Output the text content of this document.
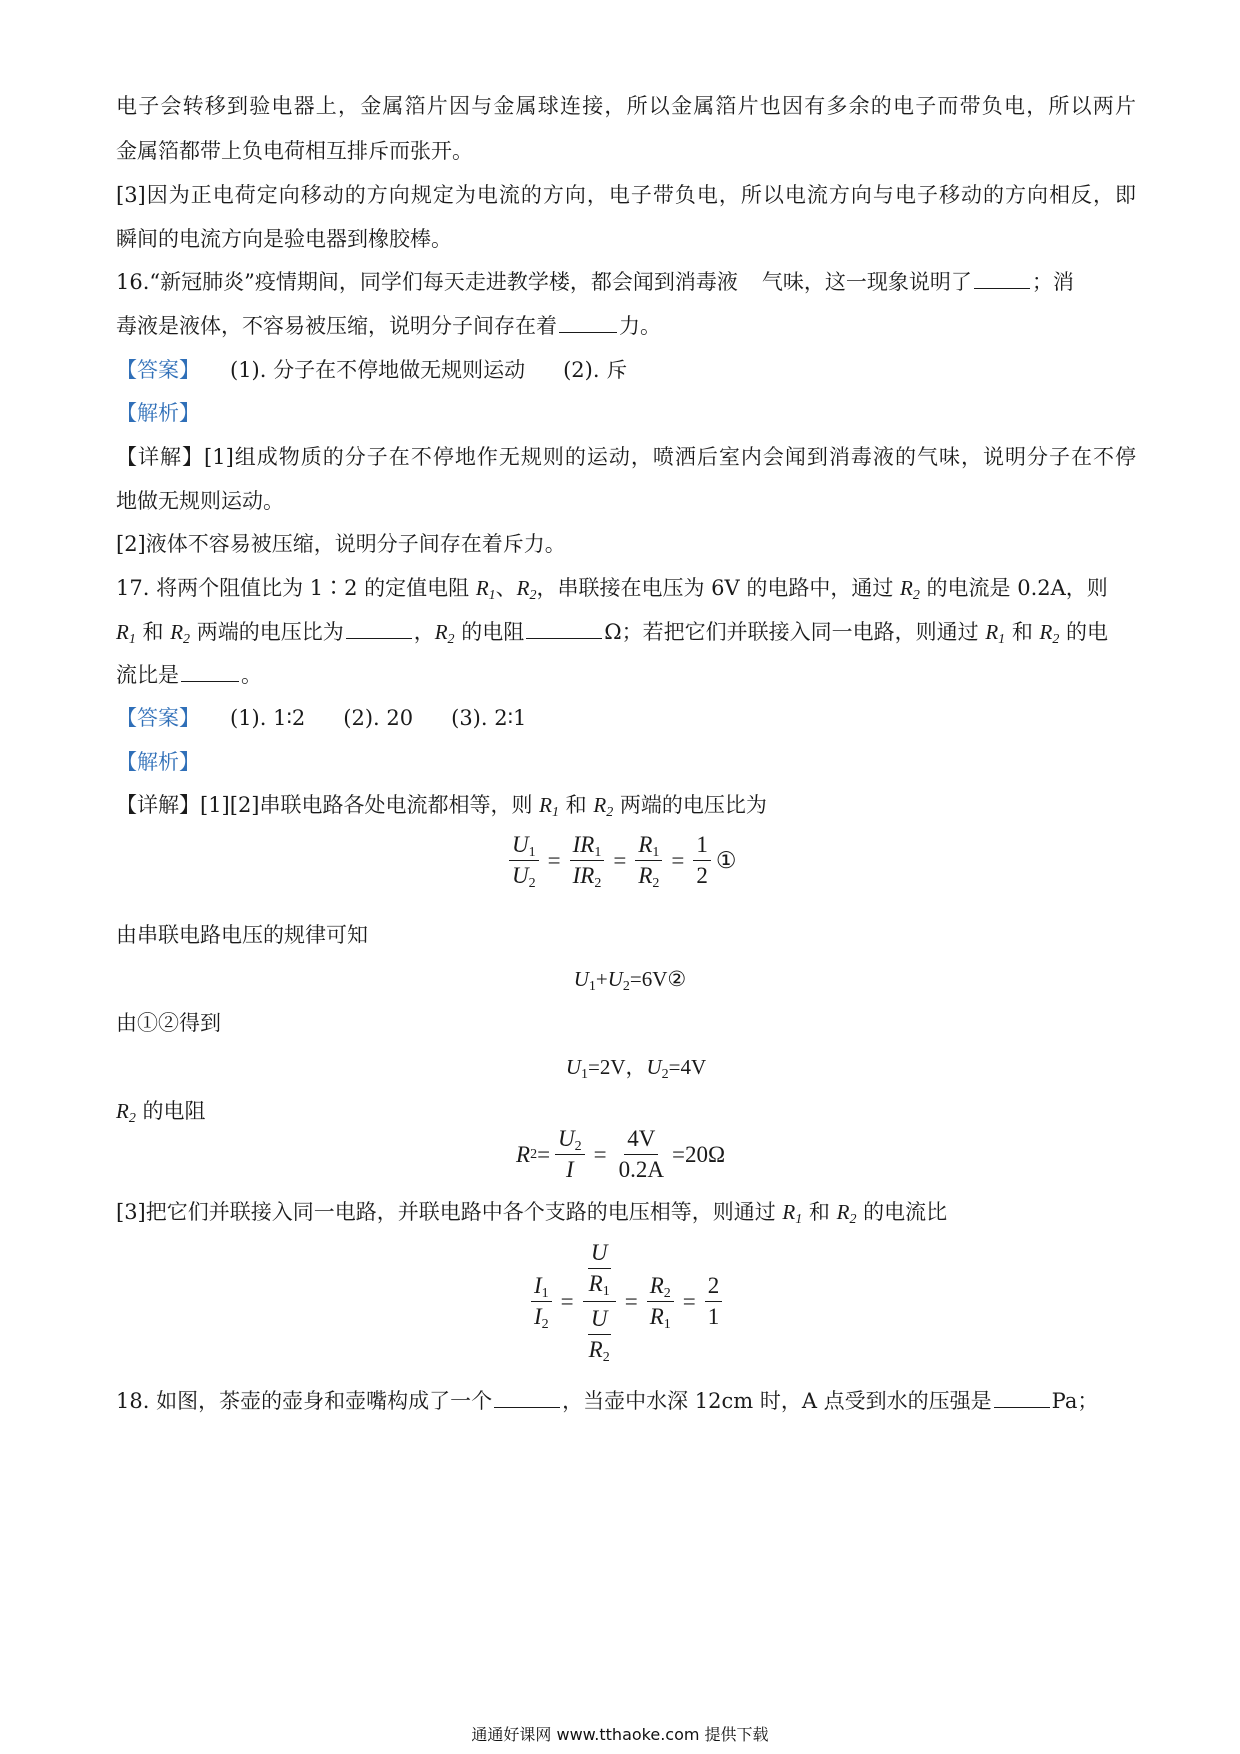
电子会转移到验电器上，金属箔片因与金属球连接，所以金属箔片也因有多余的电子而带负电，所以两片
金属箔都带上负电荷相互排斥而张开。
[3]因为正电荷定向移动的方向规定为电流的方向，电子带负电，所以电流方向与电子移动的方向相反，即
瞬间的电流方向是验电器到橡胶棒。
16.“新冠肺炎”疫情期间，同学们每天走进教学楼，都会闻到消毒液 气味，这一现象说明了	；消
毒液是液体，不容易被压缩，说明分子间存在着	力。
【答案】 (1). 分子在不停地做无规则运动 (2). 斥
【解析】
【详解】[1]组成物质的分子在不停地作无规则的运动，喷洒后室内会闻到消毒液的气味，说明分子在不停
地做无规则运动。
[2]液体不容易被压缩，说明分子间存在着斥力。
17. 将两个阻值比为 1∶2 的定值电阻 $R_1$、$R_2$，串联接在电压为 6V 的电路中，通过 $R_2$ 的电流是 0.2A，则
$R_1$ 和 $R_2$ 两端的电压比为	，$R_2$ 的电阻	Ω；若把它们并联接入同一电路，则通过 $R_1$ 和 $R_2$ 的电
流比是	。
【答案】 (1). 1∶2 (2). 20 (3). 2∶1
【解析】
【详解】[1][2]串联电路各处电流都相等，则 $R_1$ 和 $R_2$ 两端的电压比为
$\frac{U_1}{U_2} = \frac{IR_1}{IR_2} = \frac{R_1}{R_2} = \frac{1}{2}$ ①
由串联电路电压的规律可知
$U_1+U_2=6V②$
由①②得到
$U_1=2V$，$U_2=4V$
$R_2$ 的电阻
R $2 = \frac{U_2}{I} = \frac{4V}{0.2A} =20\Omega$
[3]把它们并联接入同一电路，并联电路中各个支路的电压相等，则通过 $R_1$ 和 $R_2$ 的电流比
$\frac{I_1}{I_2} = \frac{\frac{U}{R_1}}{\frac{U}{R_2}} = \frac{R_2}{R_1} = \frac{2}{1}$
18. 如图，茶壶的壶身和壶嘴构成了一个	，当壶中水深 12cm 时，A 点受到水的压强是	Pa；
通通好课网 www.tthaoke.com 提供下载
